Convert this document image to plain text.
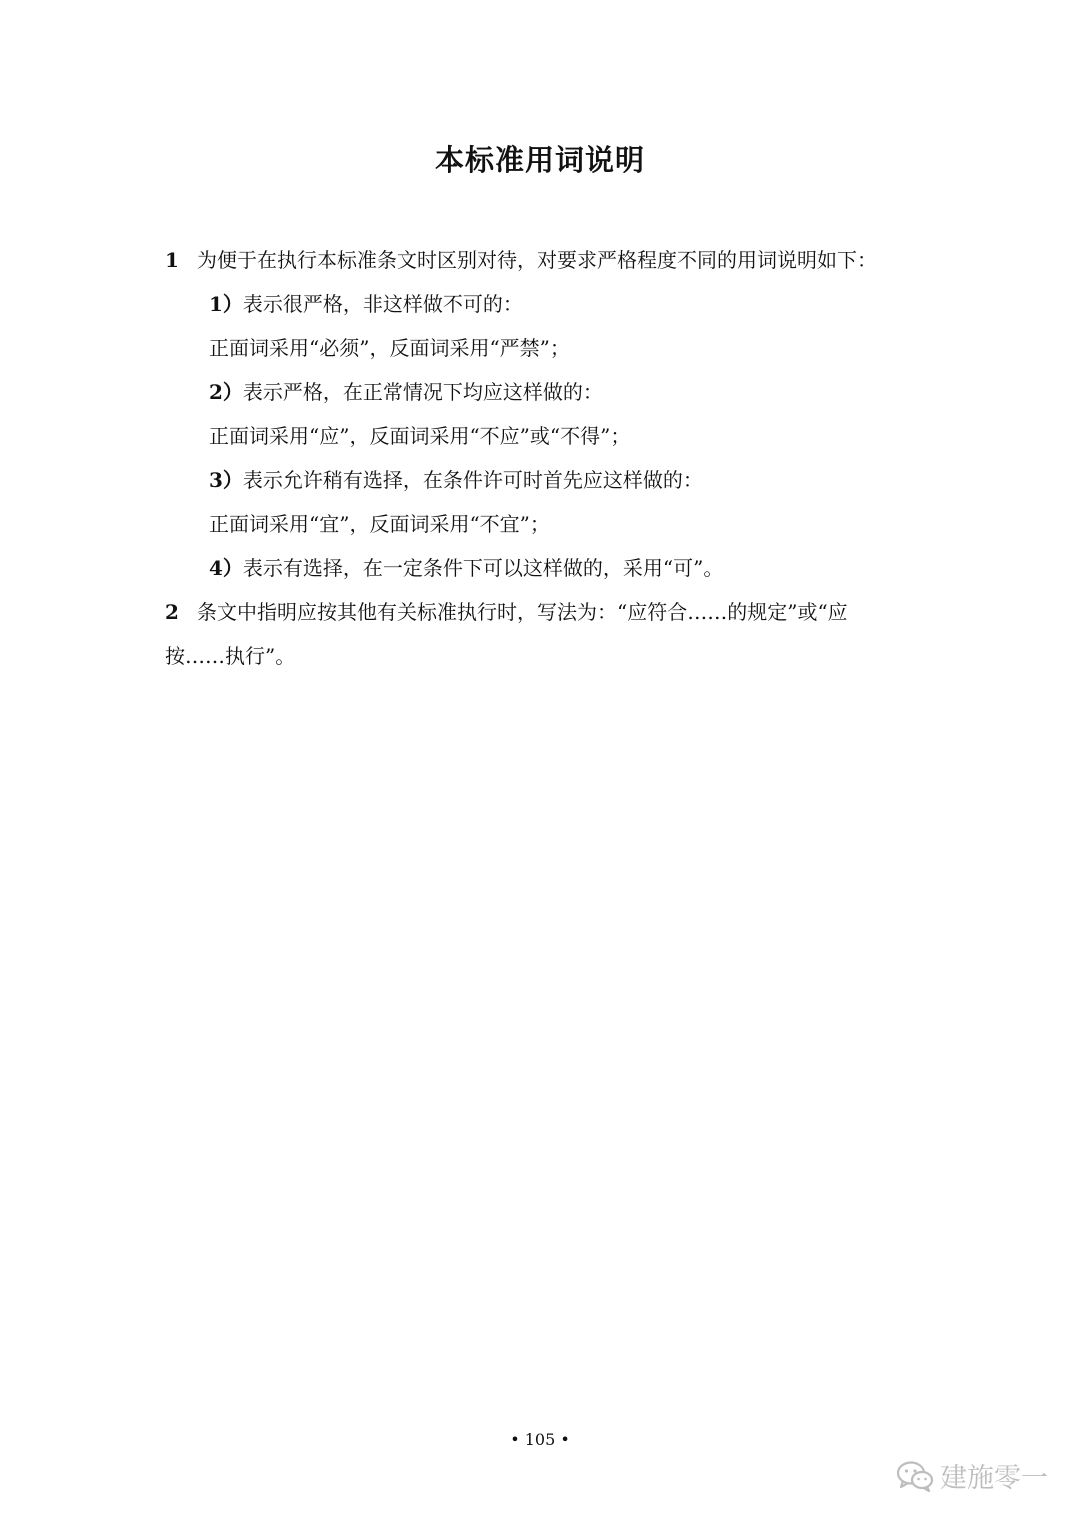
本标准用词说明

1 为便于在执行本标准条文时区别对待，对要求严格程度不同的用词说明如下：

1）表示很严格，非这样做不可的：

正面词采用“必须”，反面词采用“严禁”；

2）表示严格，在正常情况下均应这样做的：

正面词采用“应”，反面词采用“不应”或“不得”；

3）表示允许稍有选择，在条件许可时首先应这样做的：

正面词采用“宜”，反面词采用“不宜”；

4）表示有选择，在一定条件下可以这样做的，采用“可”。

2 条文中指明应按其他有关标准执行时，写法为：“应符合……的规定”或“应

按……执行”。

• 105 •
建施零一
